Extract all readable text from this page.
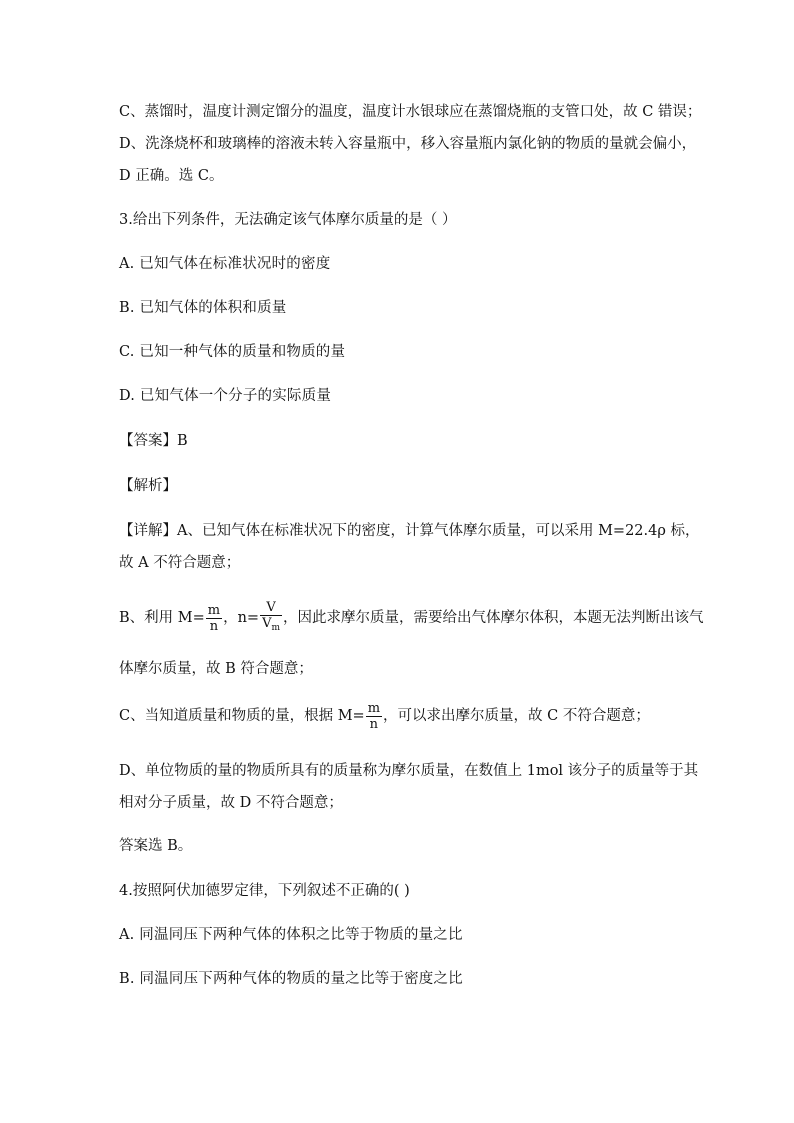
C、蒸馏时，温度计测定馏分的温度，温度计水银球应在蒸馏烧瓶的支管口处，故 C 错误；
D、洗涤烧杯和玻璃棒的溶液未转入容量瓶中，移入容量瓶内氯化钠的物质的量就会偏小，
D 正确。选 C。
3.给出下列条件，无法确定该气体摩尔质量的是（ ）
A. 已知气体在标准状况时的密度
B. 已知气体的体积和质量
C. 已知一种气体的质量和物质的量
D. 已知气体一个分子的实际质量
【答案】B
【解析】
【详解】A、已知气体在标准状况下的密度，计算气体摩尔质量，可以采用 M=22.4ρ 标，
故 A 不符合题意；
B、利用 $M= \frac{m}{n}$ ，$n= \frac{V}{V_m}$ ，因此求摩尔质量，需要给出气体摩尔体积，本题无法判断出该气
体摩尔质量，故 B 符合题意；
C、当知道质量和物质的量，根据 $M= \frac{m}{n}$ ，可以求出摩尔质量，故 C 不符合题意；
D、单位物质的量的物质所具有的质量称为摩尔质量，在数值上 1mol 该分子的质量等于其
相对分子质量，故 D 不符合题意；
答案选 B。
4.按照阿伏加德罗定律，下列叙述不正确的( )
A. 同温同压下两种气体的体积之比等于物质的量之比
B. 同温同压下两种气体的物质的量之比等于密度之比
